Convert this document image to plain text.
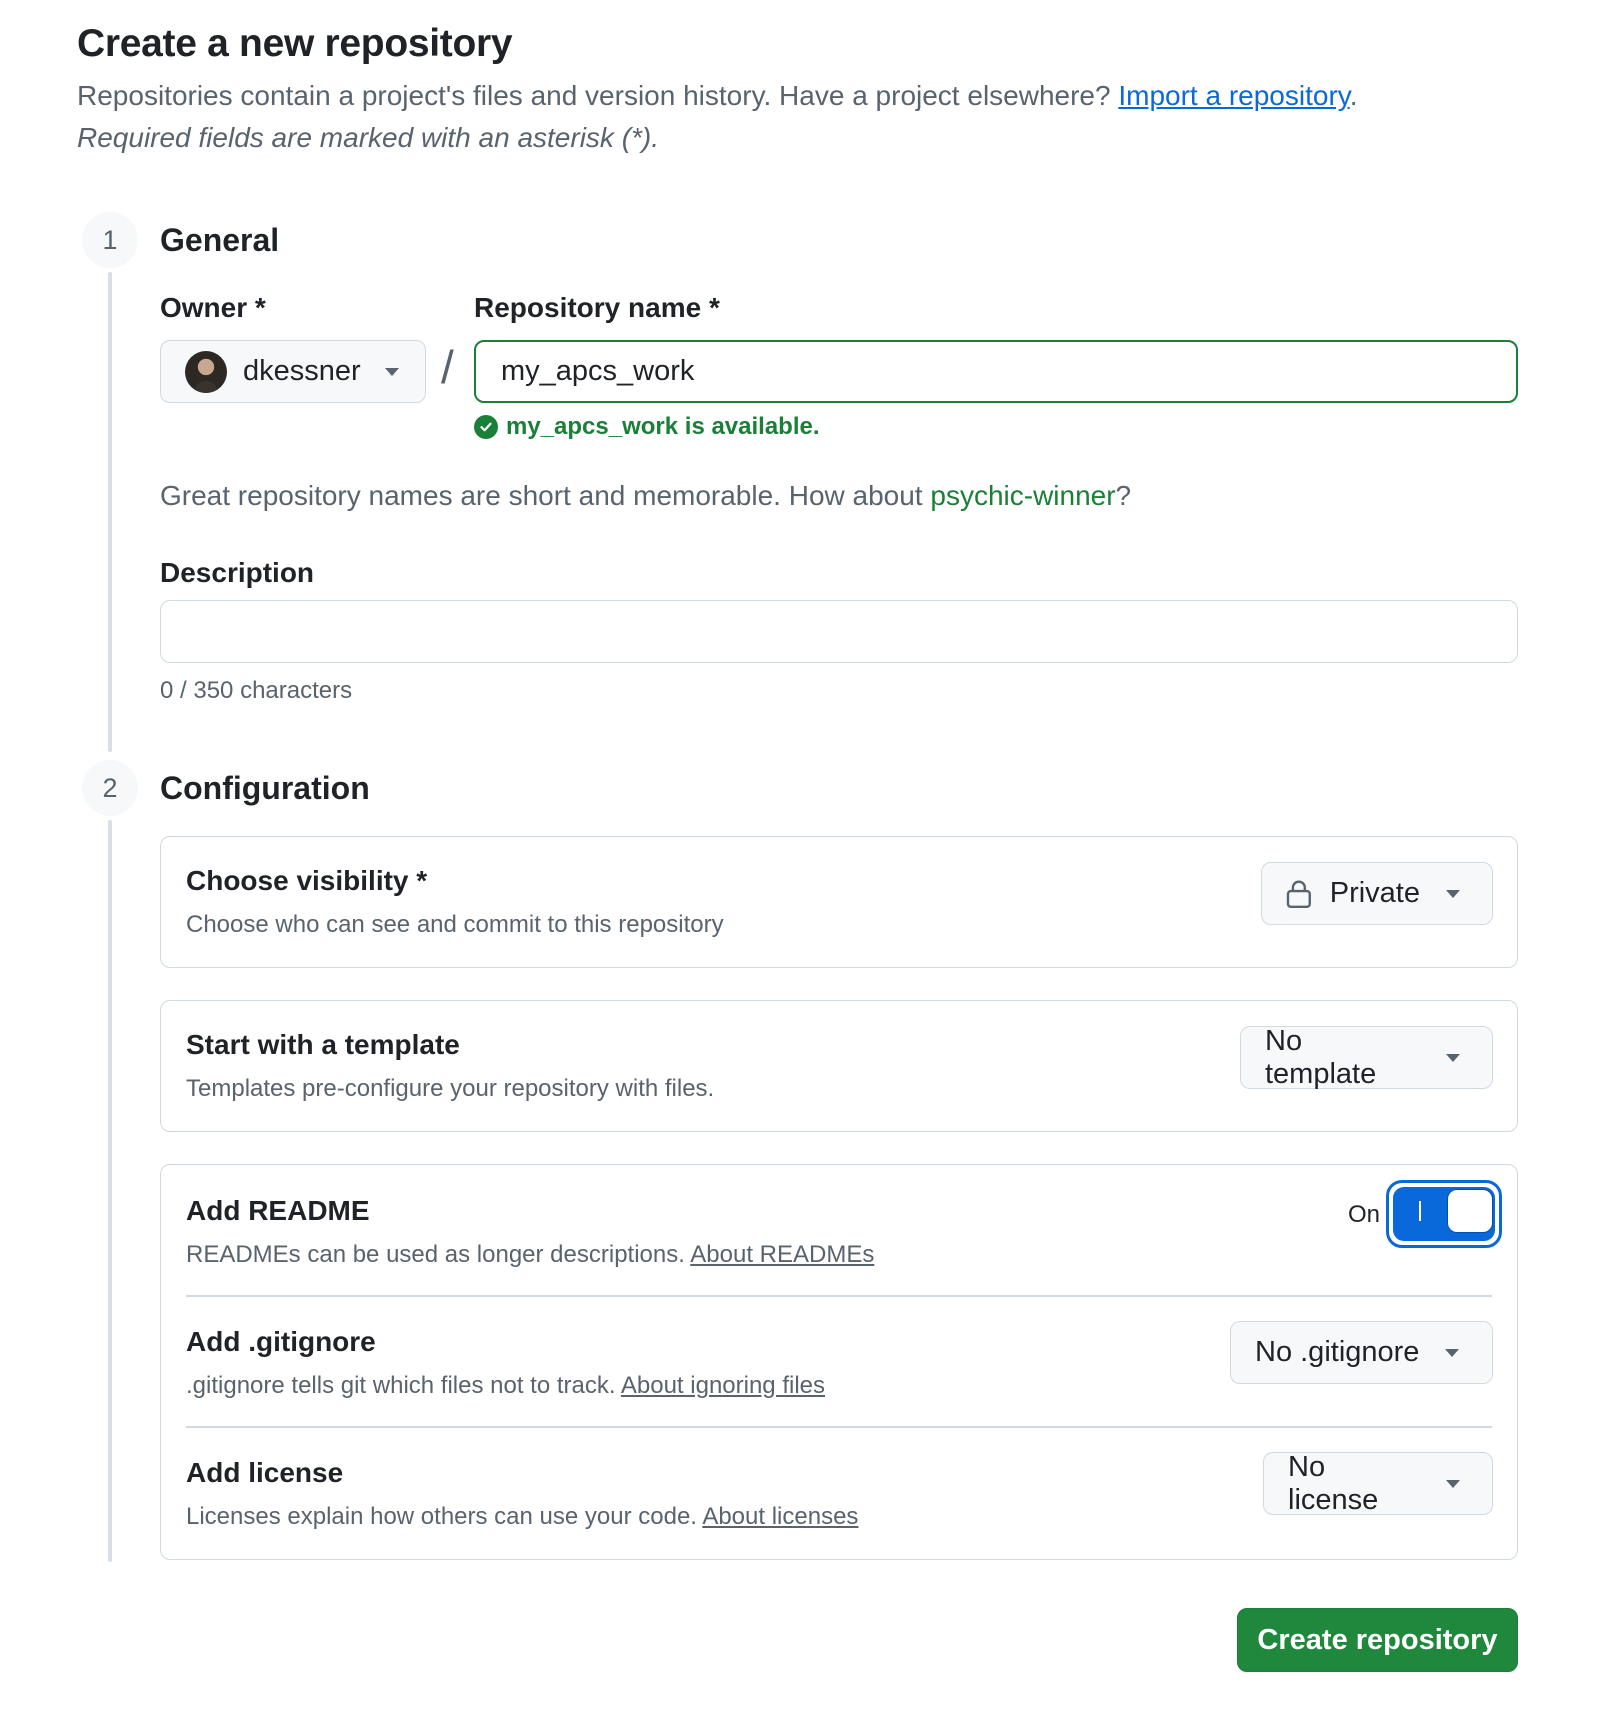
Create a new repository

Repositories contain a project's files and version history. Have a project elsewhere? Import a repository.

Required fields are marked with an asterisk (*).

1	General
Owner *
dkessner /
Repository name *
my_apcs_work
my_apcs_work is available.

Great repository names are short and memorable. How about psychic-winner?

Description

0 / 350 characters

2	Configuration
Choose visibility *
Choose who can see and commit to this repository
Private
Start with a template
Templates pre-configure your repository with files.
No template
Add README
READMEs can be used as longer descriptions. About READMEs
Add .gitignore
.gitignore tells git which files not to track. About ignoring files
No .gitignore
Add license
Licenses explain how others can use your code. About licenses
No license
On
Create repository
